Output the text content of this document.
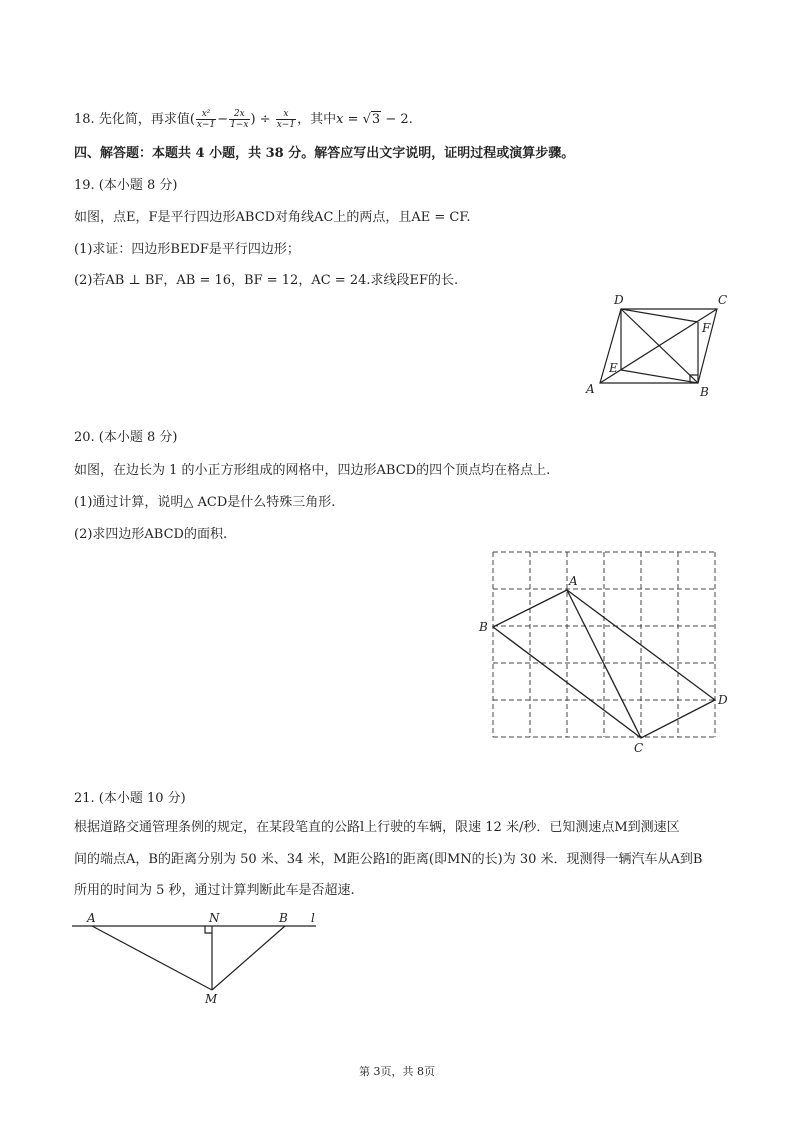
18. 先化简，再求值( $\frac{\text{x²}}{x-1} - \frac{2x}{1-x}$ ) ÷ $\frac{x}{x-1}$ ，其中x = √3 − 2.
四、解答题：本题共 4 小题，共 38 分。解答应写出文字说明，证明过程或演算步骤。
19. (本小题 8 分)
如图，点E，F是平行四边形ABCD对角线AC上的两点，且AE = CF.
(1)求证：四边形BEDF是平行四边形；
(2)若AB ⊥ BF，AB = 16，BF = 12，AC = 24.求线段EF的长.
A	B
C
D
E
F
20. (本小题 8 分)
如图，在边长为 1 的小正方形组成的网格中，四边形ABCD的四个顶点均在格点上.
(1)通过计算，说明△ ACD是什么特殊三角形.
(2)求四边形ABCD的面积.
A
B
C
D
21. (本小题 10 分)
根据道路交通管理条例的规定，在某段笔直的公路l上行驶的车辆，限速 12 米/秒．已知测速点M到测速区
间的端点A，B的距离分别为 50 米、34 米，M距公路l的距离(即MN的长)为 30 米．现测得一辆汽车从A到B
所用的时间为 5 秒，通过计算判断此车是否超速.
A	N	B l
M
第 3页，共 8页
